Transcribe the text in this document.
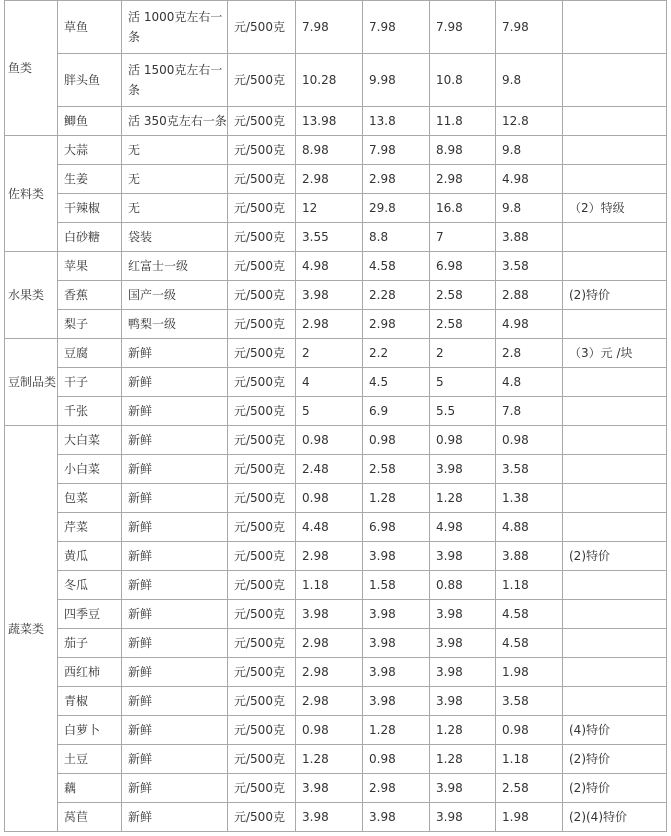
鱼类	草鱼	活 1000克左右一条	元/500克	7.98	7.98	7.98	7.98	
	胖头鱼	活 1500克左右一条	元/500克	10.28	9.98	10.8	9.8	
	鲫鱼	活 350克左右一条	元/500克	13.98	13.8	11.8	12.8	
佐料类	大蒜	无	元/500克	8.98	7.98	8.98	9.8	
	生姜	无	元/500克	2.98	2.98	2.98	4.98	
	干辣椒	无	元/500克	12	29.8	16.8	9.8	（2）特级
	白砂糖	袋装	元/500克	3.55	8.8	7	3.88	
水果类	苹果	红富士一级	元/500克	4.98	4.58	6.98	3.58	
	香蕉	国产一级	元/500克	3.98	2.28	2.58	2.88	(2)特价
	梨子	鸭梨一级	元/500克	2.98	2.98	2.58	4.98	
豆制品类	豆腐	新鲜	元/500克	2	2.2	2	2.8	（3）元 /块
	干子	新鲜	元/500克	4	4.5	5	4.8	
	千张	新鲜	元/500克	5	6.9	5.5	7.8	
蔬菜类	大白菜	新鲜	元/500克	0.98	0.98	0.98	0.98	
	小白菜	新鲜	元/500克	2.48	2.58	3.98	3.58	
	包菜	新鲜	元/500克	0.98	1.28	1.28	1.38	
	芹菜	新鲜	元/500克	4.48	6.98	4.98	4.88	
	黄瓜	新鲜	元/500克	2.98	3.98	3.98	3.88	(2)特价
	冬瓜	新鲜	元/500克	1.18	1.58	0.88	1.18	
	四季豆	新鲜	元/500克	3.98	3.98	3.98	4.58	
	茄子	新鲜	元/500克	2.98	3.98	3.98	4.58	
	西红柿	新鲜	元/500克	2.98	3.98	3.98	1.98	
	青椒	新鲜	元/500克	2.98	3.98	3.98	3.58	
	白萝卜	新鲜	元/500克	0.98	1.28	1.28	0.98	(4)特价
	土豆	新鲜	元/500克	1.28	0.98	1.28	1.18	(2)特价
	藕	新鲜	元/500克	3.98	2.98	3.98	2.58	(2)特价
	莴苣	新鲜	元/500克	3.98	3.98	3.98	1.98	(2)(4)特价
